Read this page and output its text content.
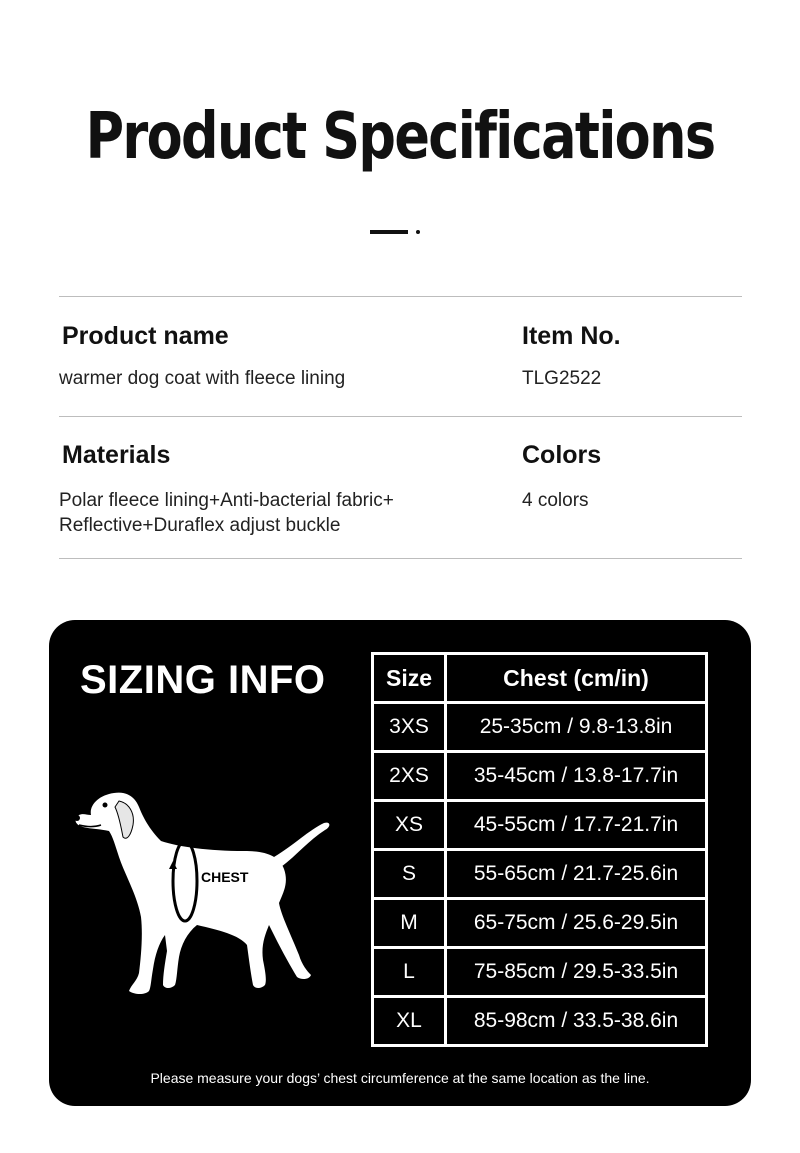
Product Specifications
Product name
warmer dog coat with fleece lining
Item No.
TLG2522
Materials
Polar fleece lining+Anti-bacterial fabric+
Reflective+Duraflex adjust buckle
Colors
4 colors
SIZING INFO	Size	Chest (cm/in)
3XS	25-35cm / 9.8-13.8in
2XS	35-45cm / 13.8-17.7in
XS	45-55cm / 17.7-21.7in
S	55-65cm / 21.7-25.6in
M	65-75cm / 25.6-29.5in
L	75-85cm / 29.5-33.5in
XL	85-98cm / 33.5-38.6in
CHEST
Please measure your dogs’ chest circumference at the same location as the line.
